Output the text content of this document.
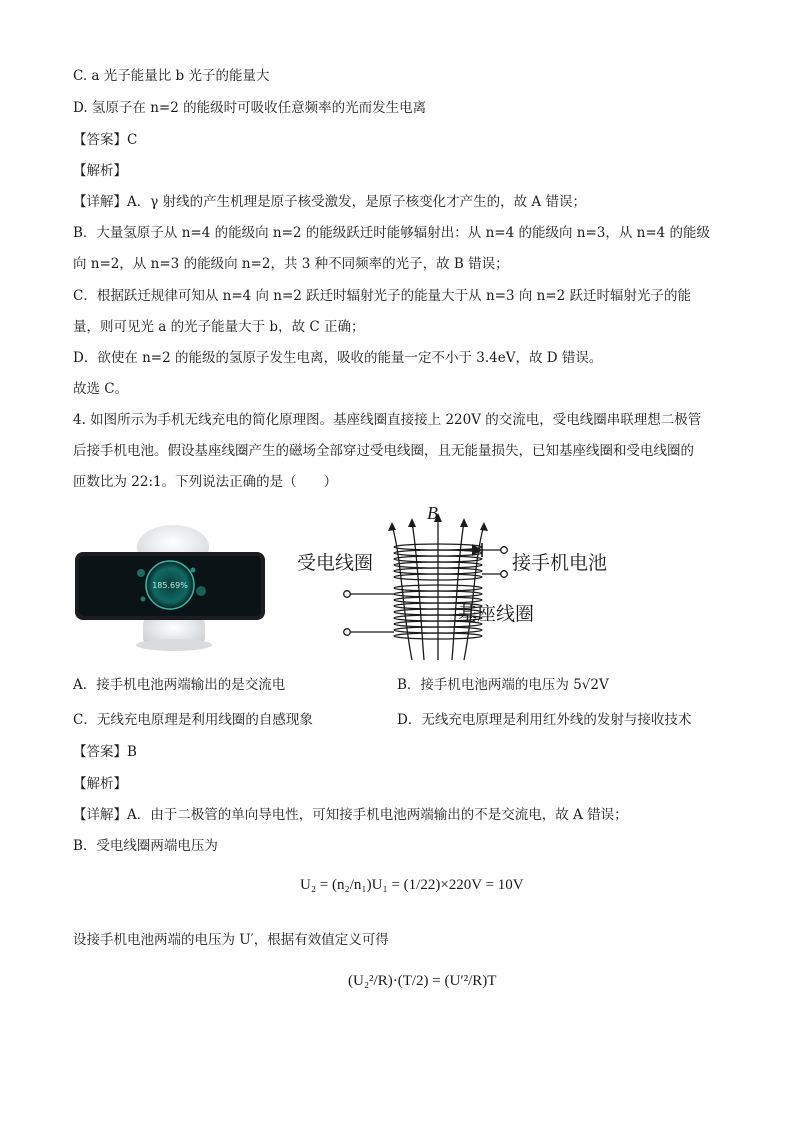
C. a 光子能量比 b 光子的能量大
D. 氢原子在 n=2 的能级时可吸收任意频率的光而发生电离
【答案】C
【解析】
【详解】A．γ 射线的产生机理是原子核受激发，是原子核变化才产生的，故 A 错误；
B．大量氢原子从 n=4 的能级向 n=2 的能级跃迁时能够辐射出：从 n=4 的能级向 n=3，从 n=4 的能级
向 n=2，从 n=3 的能级向 n=2，共 3 种不同频率的光子，故 B 错误；
C．根据跃迁规律可知从 n=4 向 n=2 跃迁时辐射光子的能量大于从 n=3 向 n=2 跃迁时辐射光子的能
量，则可见光 a 的光子能量大于 b，故 C 正确；
D．欲使在 n=2 的能级的氢原子发生电离，吸收的能量一定不小于 3.4eV，故 D 错误。
故选 C。
4. 如图所示为手机无线充电的简化原理图。基座线圈直接接上 220V 的交流电，受电线圈串联理想二极管
后接手机电池。假设基座线圈产生的磁场全部穿过受电线圈，且无能量损失，已知基座线圈和受电线圈的
匝数比为 22:1。下列说法正确的是（　　）
185.69%
B
受电线圈	接手机电池
基座线圈
A．接手机电池两端输出的是交流电	B．接手机电池两端的电压为 5√2V
C．无线充电原理是利用线圈的自感现象	D．无线充电原理是利用红外线的发射与接收技术
【答案】B
【解析】
【详解】A．由于二极管的单向导电性，可知接手机电池两端输出的不是交流电，故 A 错误；
B．受电线圈两端电压为
U₂ = (n₂/n₁)U₁ = (1/22)×220V = 10V
设接手机电池两端的电压为 U′，根据有效值定义可得
(U₂²/R)·(T/2) = (U′²/R)T
